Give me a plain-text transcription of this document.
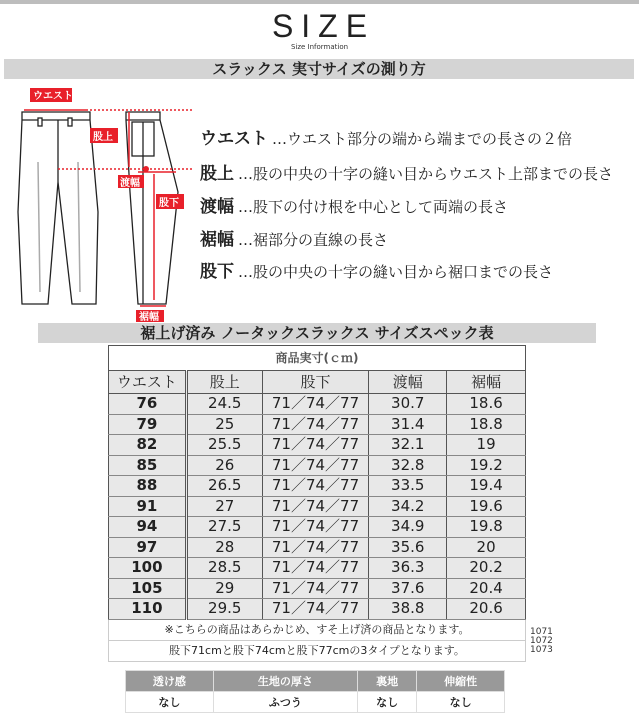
SIZE
Size Information
スラックス 実寸サイズの測り方
ウエスト
股上
渡幅
股下
裾幅
ウエスト …ウエスト部分の端から端までの長さの２倍
股上 …股の中央の十字の縫い目からウエスト上部までの長さ
渡幅 …股下の付け根を中心として両端の長さ
裾幅 …裾部分の直線の長さ
股下 …股の中央の十字の縫い目から裾口までの長さ
裾上げ済み ノータックスラックス サイズスペック表
商品実寸(ｃｍ)				
ウエスト	股上	股下	渡幅	裾幅
76	24.5	71／74／77	30.7	18.6
79	25	71／74／77	31.4	18.8
82	25.5	71／74／77	32.1	19
85	26	71／74／77	32.8	19.2
88	26.5	71／74／77	33.5	19.4
91	27	71／74／77	34.2	19.6
94	27.5	71／74／77	34.9	19.8
97	28	71／74／77	35.6	20
100	28.5	71／74／77	36.3	20.2
105	29	71／74／77	37.6	20.4
110	29.5	71／74／77	38.8	20.6
※こちらの商品はあらかじめ、すそ上げ済の商品となります。				
股下71cmと股下74cmと股下77cmの3タイプとなります。				
1071
1072
1073
透け感	生地の厚さ	裏地	伸縮性
なし	ふつう	なし	なし
